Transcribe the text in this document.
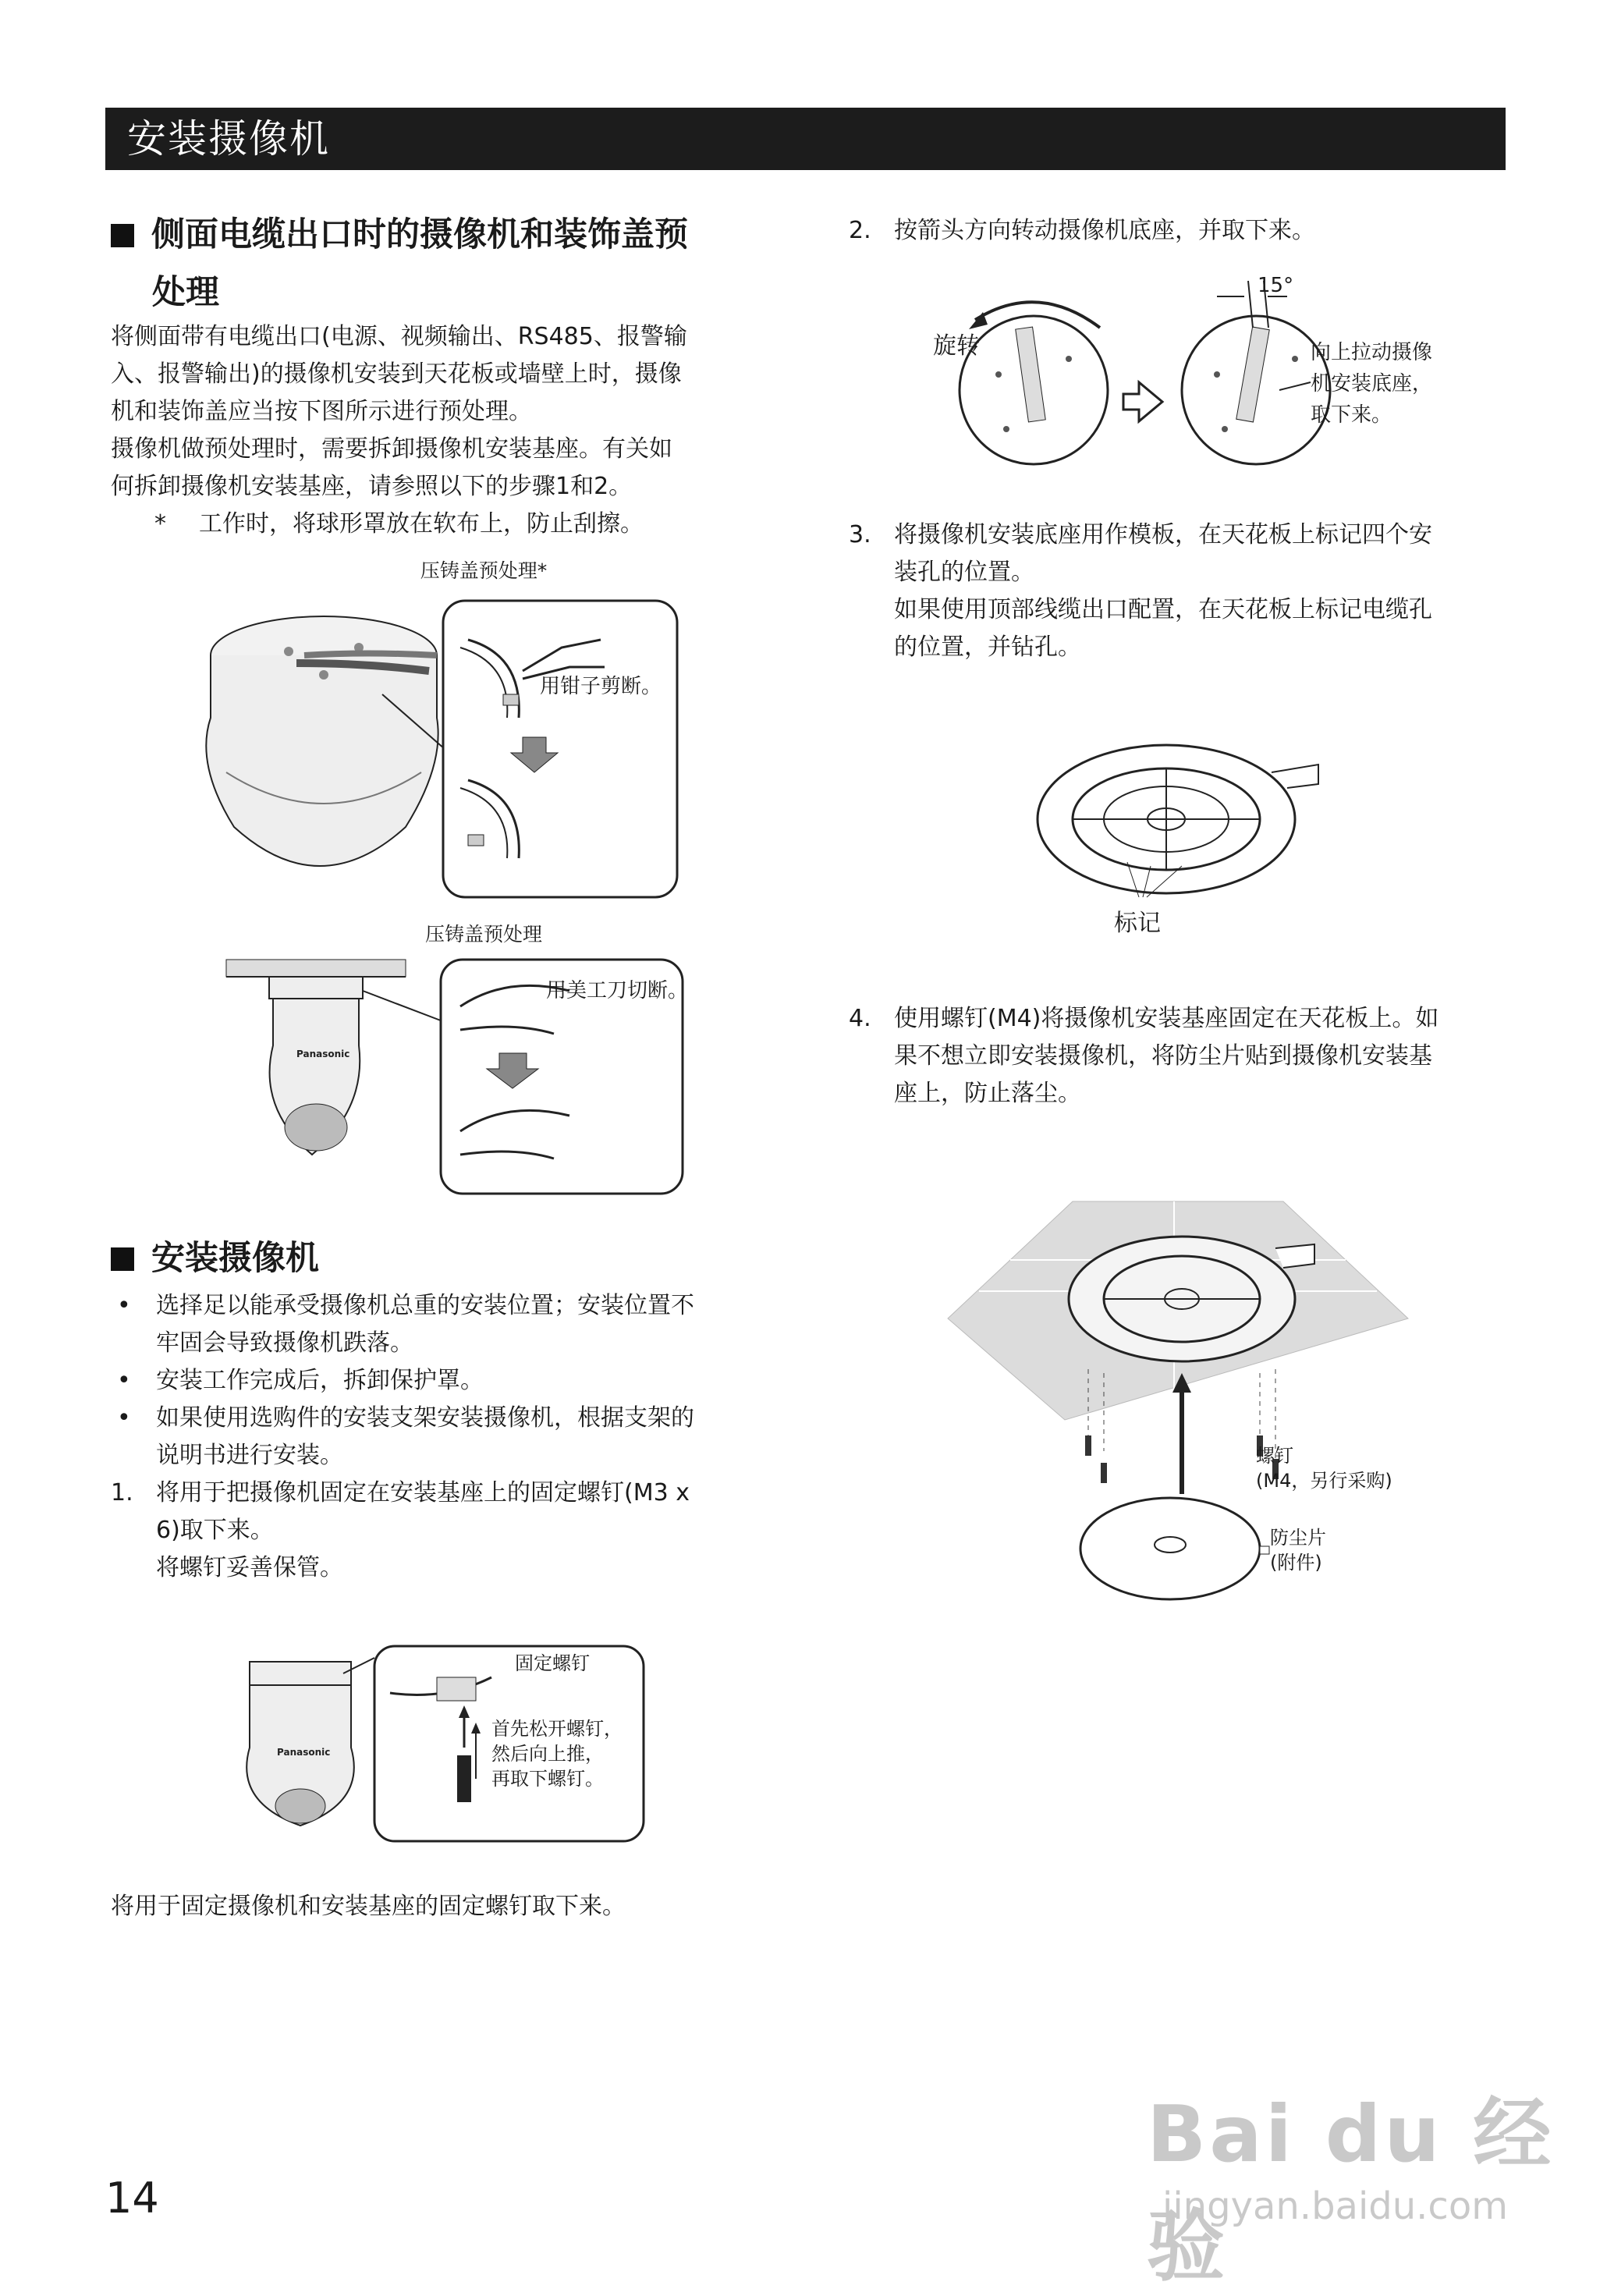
安装摄像机
侧面电缆出口时的摄像机和装饰盖预
处理
将侧面带有电缆出口(电源、视频输出、RS485、报警输
入、报警输出)的摄像机安装到天花板或墙壁上时，摄像
机和装饰盖应当按下图所示进行预处理。
摄像机做预处理时，需要拆卸摄像机安装基座。有关如
何拆卸摄像机安装基座，请参照以下的步骤1和2。
* 工作时，将球形罩放在软布上，防止刮擦。
压铸盖预处理*
用钳子剪断。
压铸盖预处理
Panasonic
用美工刀切断。
安装摄像机
• 选择足以能承受摄像机总重的安装位置；安装位置不
牢固会导致摄像机跌落。
• 安装工作完成后，拆卸保护罩。
• 如果使用选购件的安装支架安装摄像机，根据支架的
说明书进行安装。
1. 将用于把摄像机固定在安装基座上的固定螺钉(M3 x
6)取下来。
将螺钉妥善保管。
Panasonic
固定螺钉
首先松开螺钉，
然后向上推，
再取下螺钉。
将用于固定摄像机和安装基座的固定螺钉取下来。
2. 按箭头方向转动摄像机底座，并取下来。
旋转
15°
向上拉动摄像
机安装底座，
取下来。
3. 将摄像机安装底座用作模板，在天花板上标记四个安
装孔的位置。
如果使用顶部线缆出口配置，在天花板上标记电缆孔
的位置，并钻孔。
标记
4. 使用螺钉(M4)将摄像机安装基座固定在天花板上。如
果不想立即安装摄像机，将防尘片贴到摄像机安装基
座上，防止落尘。
螺钉
(M4，另行采购)
防尘片
(附件)
14
Bai du 经验
jingyan.baidu.com
